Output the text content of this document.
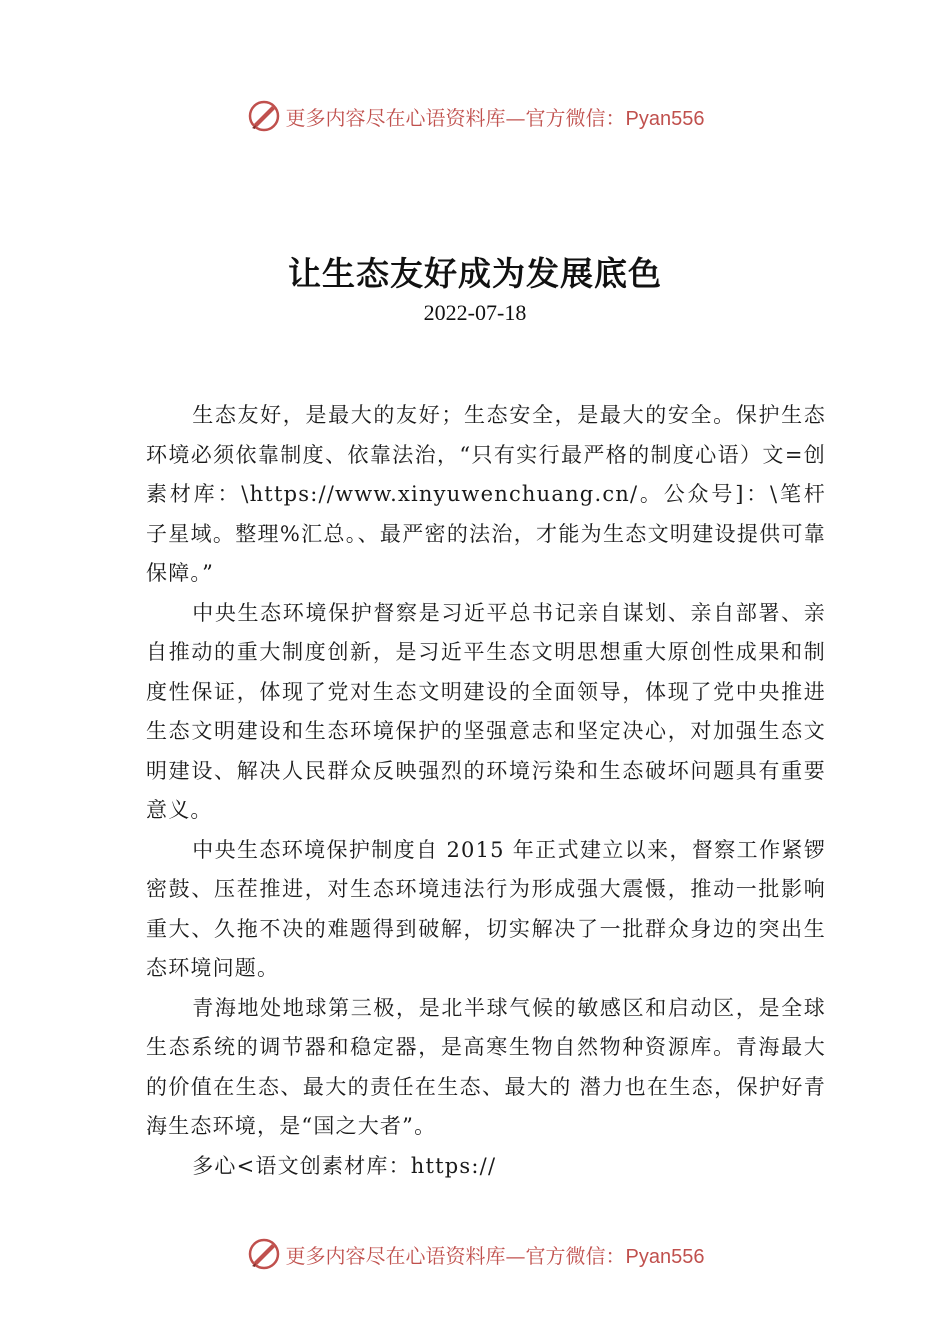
更多内容尽在心语资料库—官方微信：Pyan556
让生态友好成为发展底色
2022-07-18

生态友好，是最大的友好；生态安全，是最大的安全。保护生态环境必须依靠制度、依靠法治，“只有实行最严格的制度心语）文=创素材库：\https://www.xinyuwenchuang.cn/。公众号]：\笔杆子星域。整理%汇总。、最严密的法治，才能为生态文明建设提供可靠保障。”

中央生态环境保护督察是习近平总书记亲自谋划、亲自部署、亲自推动的重大制度创新，是习近平生态文明思想重大原创性成果和制度性保证，体现了党对生态文明建设的全面领导，体现了党中央推进生态文明建设和生态环境保护的坚强意志和坚定决心，对加强生态文明建设、解决人民群众反映强烈的环境污染和生态破坏问题具有重要意义。

中央生态环境保护制度自 2015 年正式建立以来，督察工作紧锣密鼓、压茬推进，对生态环境违法行为形成强大震慑，推动一批影响重大、久拖不决的难题得到破解，切实解决了一批群众身边的突出生态环境问题。

青海地处地球第三极，是北半球气候的敏感区和启动区，是全球生态系统的调节器和稳定器，是高寒生物自然物种资源库。青海最大的价值在生态、最大的责任在生态、最大的 潜力也在生态，保护好青海生态环境，是“国之大者”。

多心<语文创素材库：https://

更多内容尽在心语资料库—官方微信：Pyan556
